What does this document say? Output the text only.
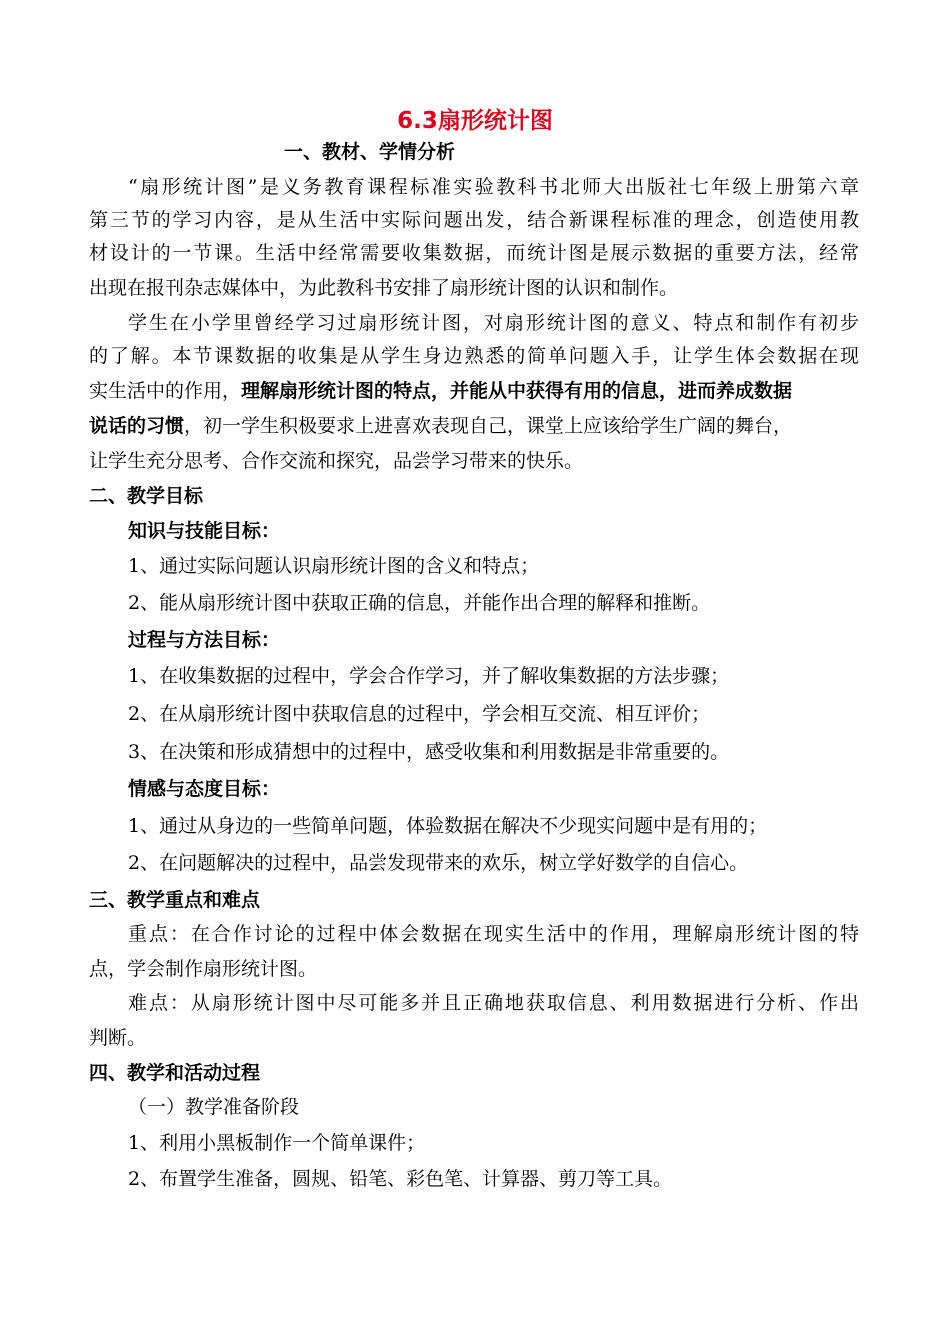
6.3扇形统计图
一、教材、学情分析
“扇形统计图”是义务教育课程标准实验教科书北师大出版社七年级上册第六章
第三节的学习内容，是从生活中实际问题出发，结合新课程标准的理念，创造使用教
材设计的一节课。生活中经常需要收集数据，而统计图是展示数据的重要方法，经常
出现在报刊杂志媒体中，为此教科书安排了扇形统计图的认识和制作。
学生在小学里曾经学习过扇形统计图，对扇形统计图的意义、特点和制作有初步
的了解。本节课数据的收集是从学生身边熟悉的简单问题入手，让学生体会数据在现
实生活中的作用，理解扇形统计图的特点，并能从中获得有用的信息，进而养成数据
说话的习惯，初一学生积极要求上进喜欢表现自己，课堂上应该给学生广阔的舞台，
让学生充分思考、合作交流和探究，品尝学习带来的快乐。
二、教学目标
知识与技能目标：
1、通过实际问题认识扇形统计图的含义和特点；
2、能从扇形统计图中获取正确的信息，并能作出合理的解释和推断。
过程与方法目标：
1、在收集数据的过程中，学会合作学习，并了解收集数据的方法步骤；
2、在从扇形统计图中获取信息的过程中，学会相互交流、相互评价；
3、在决策和形成猜想中的过程中，感受收集和利用数据是非常重要的。
情感与态度目标：
1、通过从身边的一些简单问题，体验数据在解决不少现实问题中是有用的；
2、在问题解决的过程中，品尝发现带来的欢乐，树立学好数学的自信心。
三、教学重点和难点
重点：在合作讨论的过程中体会数据在现实生活中的作用，理解扇形统计图的特
点，学会制作扇形统计图。
难点：从扇形统计图中尽可能多并且正确地获取信息、利用数据进行分析、作出
判断。
四、教学和活动过程
（一）教学准备阶段
1、利用小黑板制作一个简单课件；
2、布置学生准备，圆规、铅笔、彩色笔、计算器、剪刀等工具。
